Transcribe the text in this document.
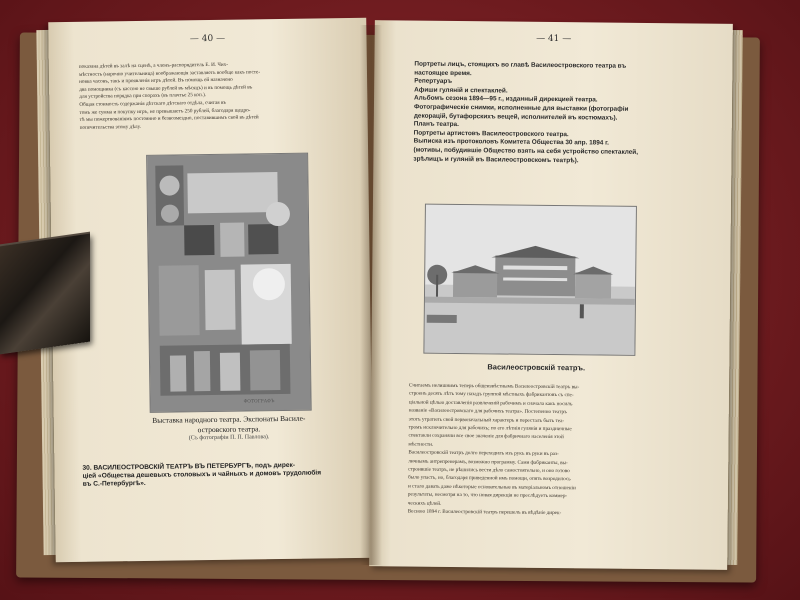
— 40 —
показана дѣтей въ ɜалѣ на сценѣ, а членъ-распорядитель Е. И. Чих-
мѣстность (нарочно учительница) воображающія заставляетъ вообще какъ посте-
новка часовъ, такъ и проявленія игръ дѣтей. Въ помощь ей назначено
два помощника (съ кассою не свыше рублей въ мѣсяцъ) и въ помощь дѣтей въ
для устройства порядка при спорахъ (въ плачтье 25 коп.).
Общая стоимость содержанія дѣтскаго дѣтскаго отдѣла, считая въ
томъ же сумма и покупку игръ, не превышаетъ 250 рублей, благодаря щедро-
тѣ мы пожертвованіямъ постоянно и безвозмездно, поставившимъ свой въ дѣтей
попечительства этому дѣлу.
ФОТОГРАФЪ
Выставка народного театра. Экспонаты Василе-
островского театра.
(Съ фотографіи П. П. Павлова).
30. ВАСИЛЕОСТРОВСКІЙ ТЕАТРЪ ВЪ ПЕТЕРБУРГѢ, подъ дирек-
ціей «Общества дешевыхъ столовыхъ и чайныхъ и домовъ трудолюбія
въ С.-Петербургѣ».
— 41 —
Портреты лицъ, стоящихъ во главѣ Василеостровского театра въ
настоящее время.
Репертуаръ
Афиши гуляній и спектаклей.
Альбомъ сезона 1894—95 г., изданный дирекцией театра.
Фотографическіе снимки, исполненные для выставки (фотографіи
декорацій, бутафорскихъ вещей, исполнителей въ костюмахъ).
Планъ театра.
Портреты артистовъ Василеостровского театра.
Выписка изъ протоколовъ Комитета Общества 30 апр. 1894 г.
(мотивы, побудившіе Общество взять на себя устройство спектаклей,
зрѣлищъ и гуляній въ Василеостровскомъ театрѣ).
Василеостровскій театръ.
Считаемъ нелишнимъ теперь общеизвѣстнымъ Василеостровскій театръ вы-
строенъ десять лѣтъ тому назадъ группой мѣстныхъ фабрикантовъ съ спе-
ціальной цѣлью доставленія развлеченій рабочимъ и сначала какъ носилъ
названіе «Василеостровскаго для рабочихъ театра». Постепенно театръ
этотъ утратилъ свой первоначальный характеръ и пересталъ быть теа-
тромъ исключительно для рабочихъ; по его лѣтнія гулянія и праздничные
спектакли сохраняли все свое значеніе для фабричнаго населенія этой
мѣстности.
Василеостровскій театръ долго переходилъ изъ рукъ въ руки въ раз-
личнымъ антрепренерамъ, возможно программу. Сами фабриканты, вы-
строившіе театръ, не рѣшились вести дѣло самостоятельно, и оно готово
было упасть, но, благодаря приведенной имъ помощи, опять возродилось
и стало давать даже нѣкоторые основательные въ матеріальномъ отношеніи
результаты, несмотря на то, что новая дирекція не преслѣдуетъ коммер-
ческихъ цѣлей.
Весною 1894 г. Василеостровскій театръ перешелъ въ вѣдѣніе дирек-
